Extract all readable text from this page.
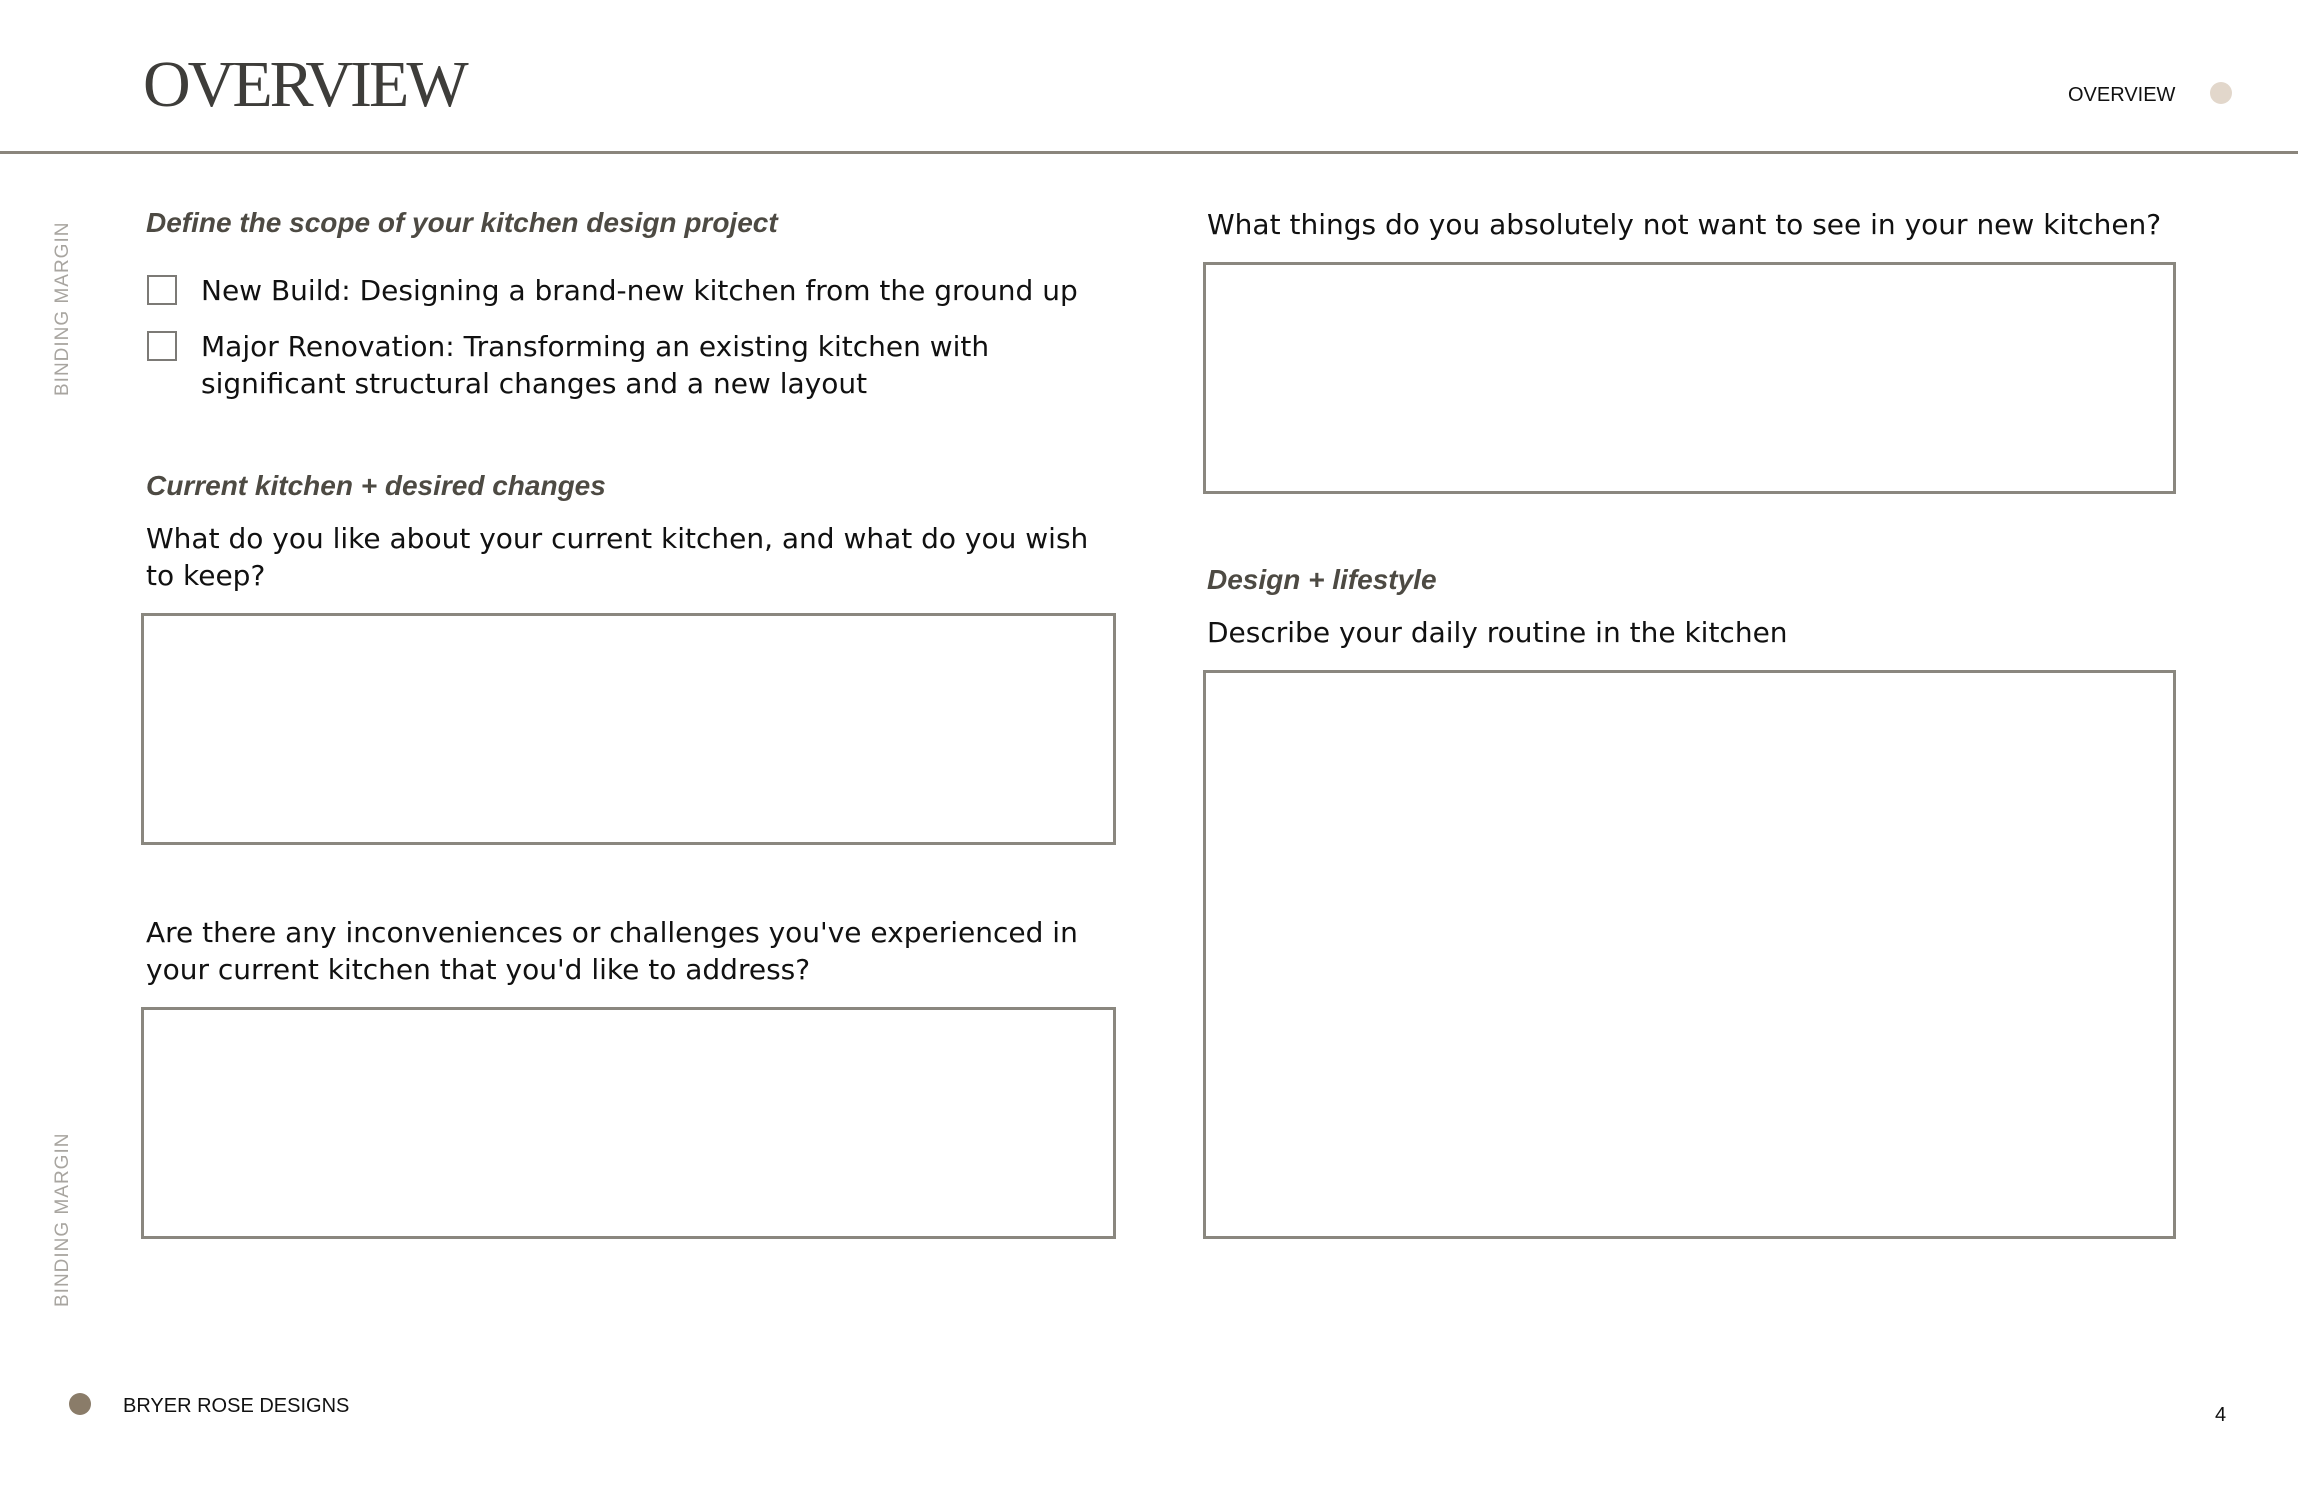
OVERVIEW	OVERVIEW
BINDING MARGIN
BINDING MARGIN
Define the scope of your kitchen design project
New Build: Designing a brand-new kitchen from the ground up
Major Renovation: Transforming an existing kitchen with
significant structural changes and a new layout
Current kitchen + desired changes
What do you like about your current kitchen, and what do you wish
to keep?
Are there any inconveniences or challenges you've experienced in
your current kitchen that you'd like to address?
What things do you absolutely not want to see in your new kitchen?
Design + lifestyle
Describe your daily routine in the kitchen
BRYER ROSE DESIGNS	4
